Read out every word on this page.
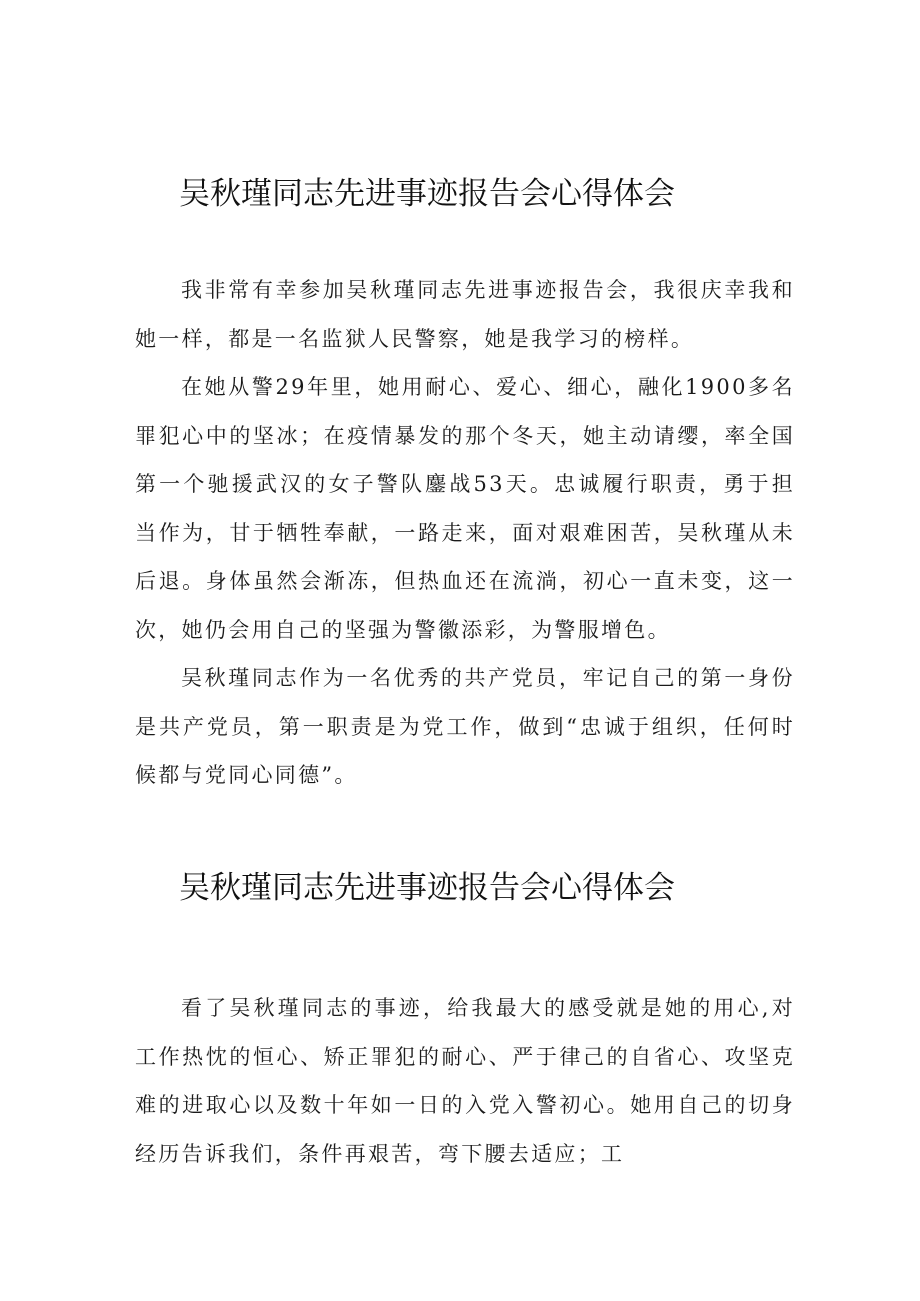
吴秋瑾同志先进事迹报告会心得体会

我非常有幸参加吴秋瑾同志先进事迹报告会，我很庆幸我和她一样，都是一名监狱人民警察，她是我学习的榜样。

在她从警29年里，她用耐心、爱心、细心，融化1900多名罪犯心中的坚冰；在疫情暴发的那个冬天，她主动请缨，率全国第一个驰援武汉的女子警队鏖战53天。忠诚履行职责，勇于担当作为，甘于牺牲奉献，一路走来，面对艰难困苦，吴秋瑾从未后退。身体虽然会渐冻，但热血还在流淌，初心一直未变，这一次，她仍会用自己的坚强为警徽添彩，为警服增色。

吴秋瑾同志作为一名优秀的共产党员，牢记自己的第一身份是共产党员，第一职责是为党工作，做到“忠诚于组织，任何时候都与党同心同德”。

吴秋瑾同志先进事迹报告会心得体会

看了吴秋瑾同志的事迹，给我最大的感受就是她的用心,对工作热忱的恒心、矫正罪犯的耐心、严于律己的自省心、攻坚克难的进取心以及数十年如一日的入党入警初心。她用自己的切身经历告诉我们，条件再艰苦，弯下腰去适应；工
